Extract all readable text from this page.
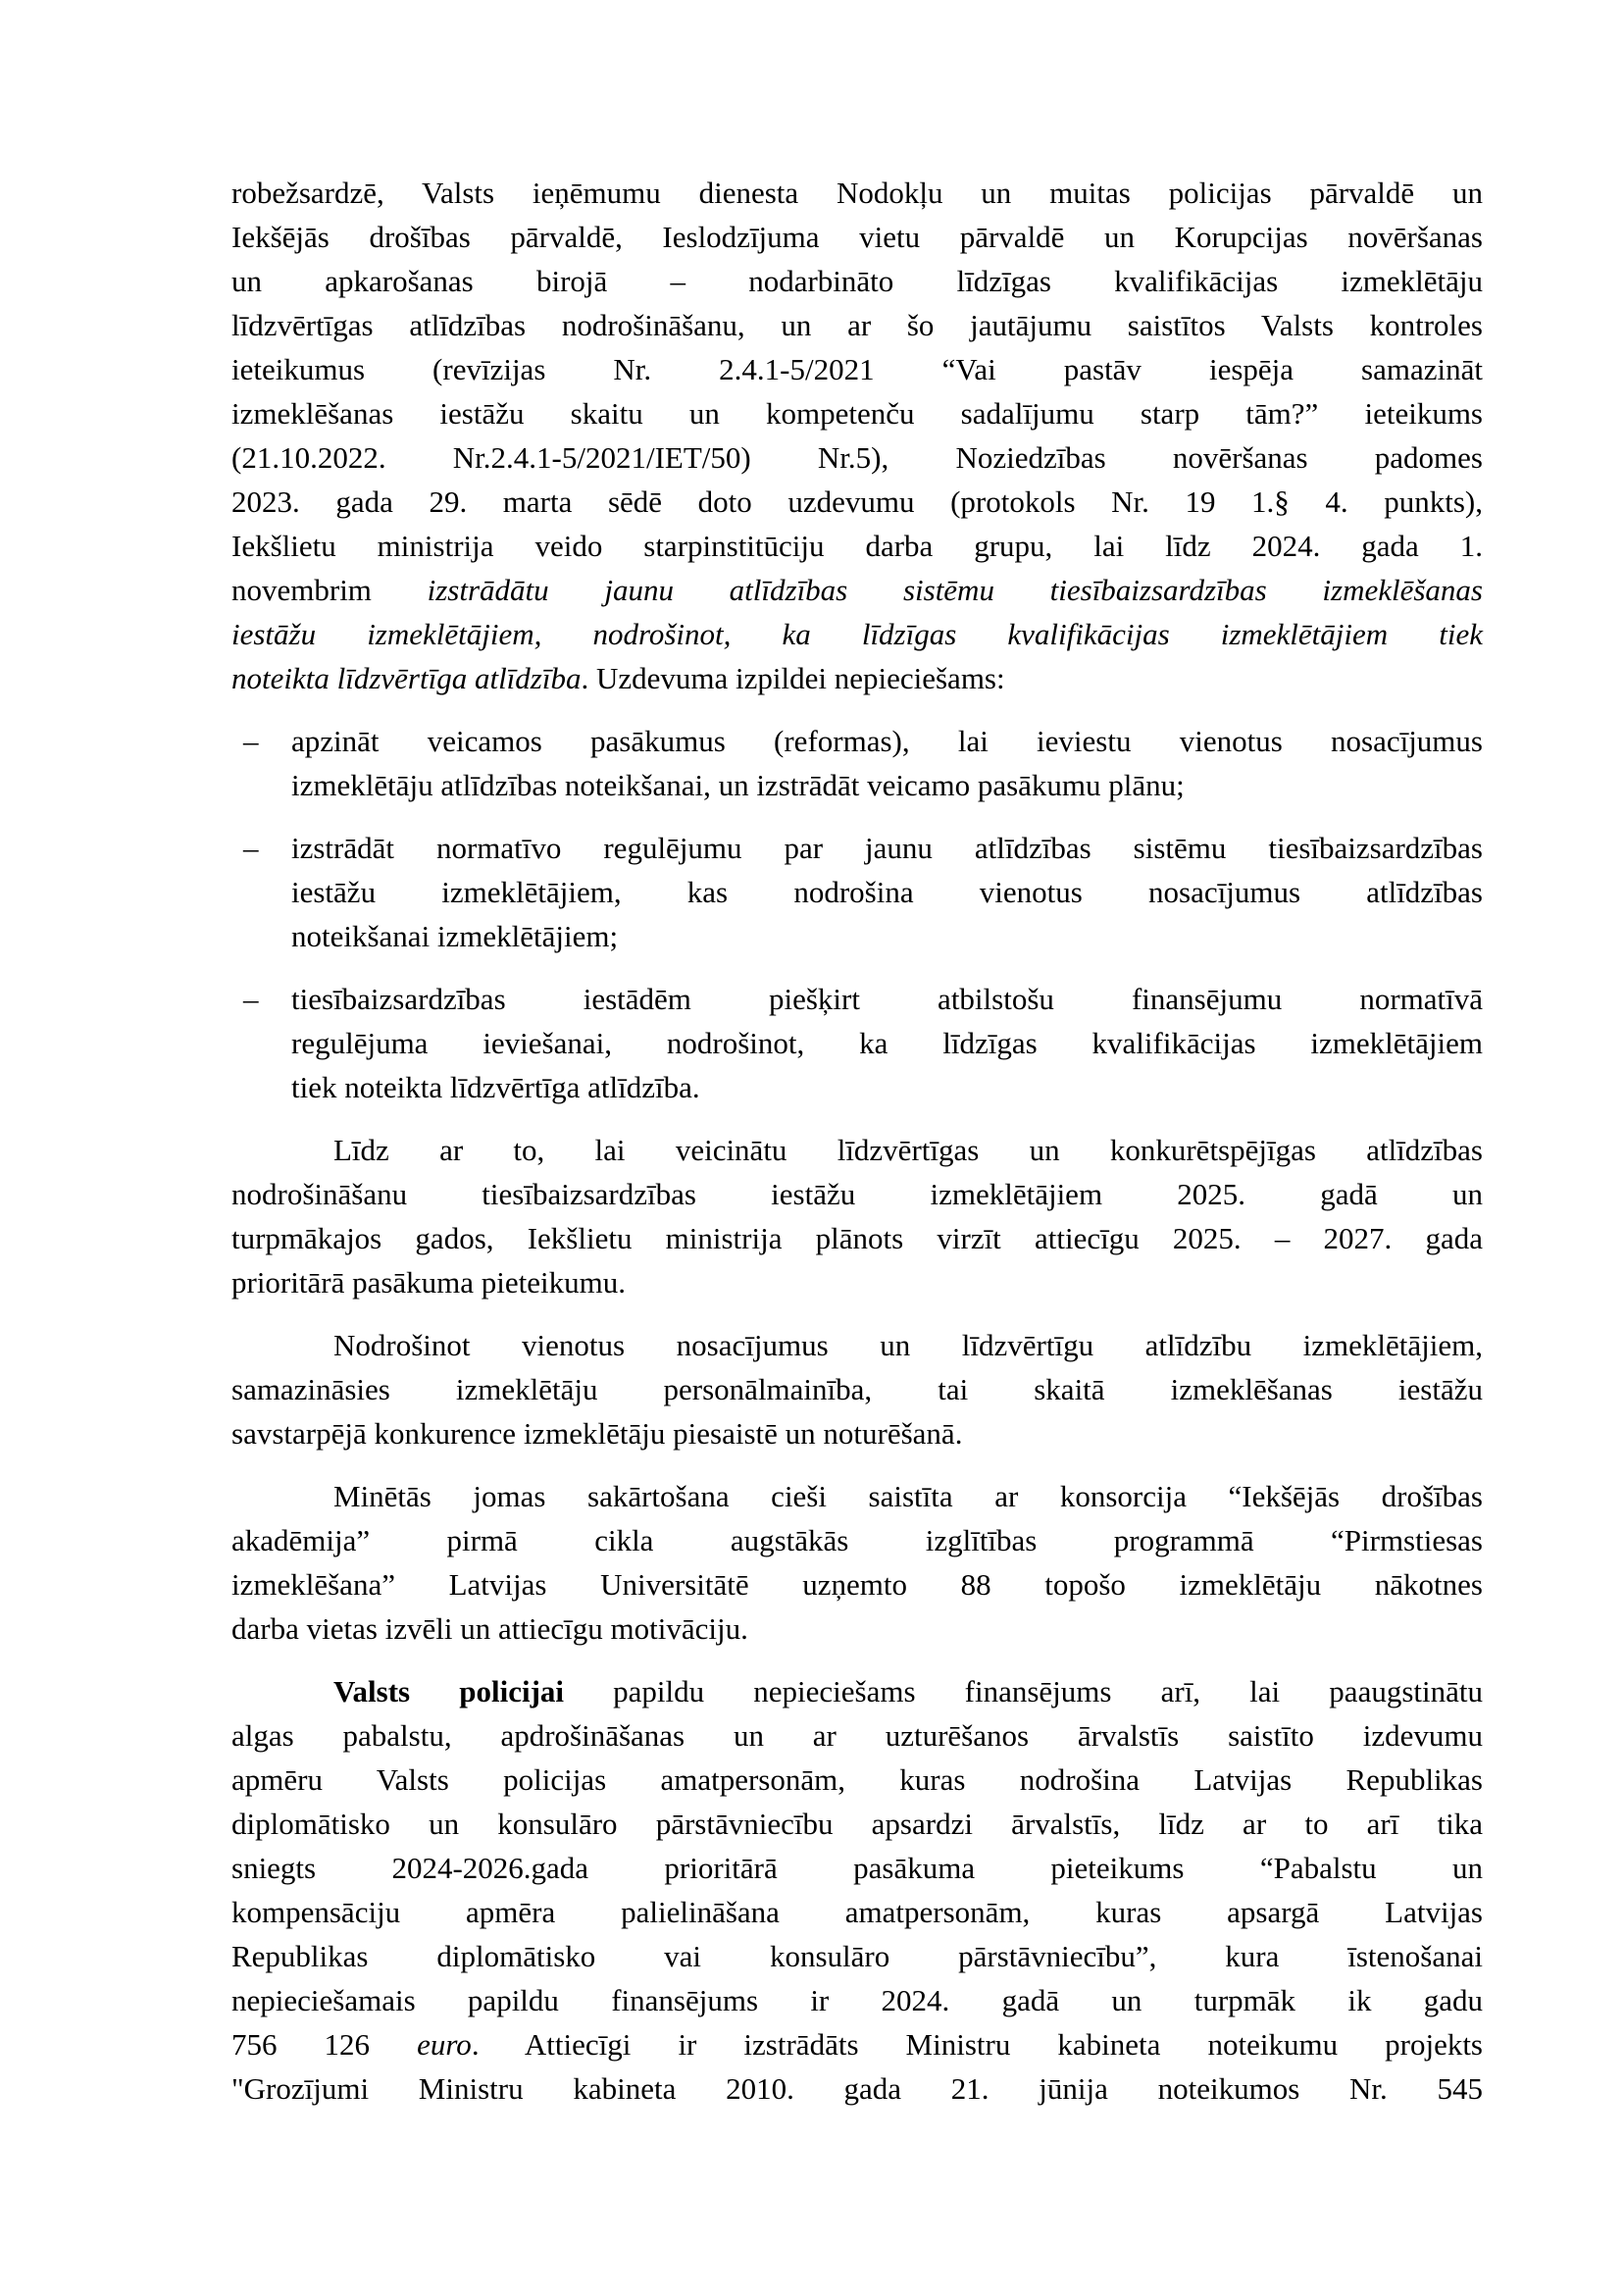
robežsardzē, Valsts ieņēmumu dienesta Nodokļu un muitas policijas pārvaldē un
Iekšējās drošības pārvaldē, Ieslodzījuma vietu pārvaldē un Korupcijas novēršanas
un apkarošanas birojā – nodarbināto līdzīgas kvalifikācijas izmeklētāju
līdzvērtīgas atlīdzības nodrošināšanu, un ar šo jautājumu saistītos Valsts kontroles
ieteikumus (revīzijas Nr. 2.4.1-5/2021 “Vai pastāv iespēja samazināt
izmeklēšanas iestāžu skaitu un kompetenču sadalījumu starp tām?” ieteikums
(21.10.2022. Nr.2.4.1-5/2021/IET/50) Nr.5), Noziedzības novēršanas padomes
2023. gada 29. marta sēdē doto uzdevumu (protokols Nr. 19 1.§ 4. punkts),
Iekšlietu ministrija veido starpinstitūciju darba grupu, lai līdz 2024. gada 1.
novembrim izstrādātu jaunu atlīdzības sistēmu tiesībaizsardzības izmeklēšanas
iestāžu izmeklētājiem, nodrošinot, ka līdzīgas kvalifikācijas izmeklētājiem tiek
noteikta līdzvērtīga atlīdzība. Uzdevuma izpildei nepieciešams:
– apzināt veicamos pasākumus (reformas), lai ieviestu vienotus nosacījumus
izmeklētāju atlīdzības noteikšanai, un izstrādāt veicamo pasākumu plānu;
– izstrādāt normatīvo regulējumu par jaunu atlīdzības sistēmu tiesībaizsardzības
iestāžu izmeklētājiem, kas nodrošina vienotus nosacījumus atlīdzības
noteikšanai izmeklētājiem;
– tiesībaizsardzības iestādēm piešķirt atbilstošu finansējumu normatīvā
regulējuma ieviešanai, nodrošinot, ka līdzīgas kvalifikācijas izmeklētājiem
tiek noteikta līdzvērtīga atlīdzība.
Līdz ar to, lai veicinātu līdzvērtīgas un konkurētspējīgas atlīdzības
nodrošināšanu tiesībaizsardzības iestāžu izmeklētājiem 2025. gadā un
turpmākajos gados, Iekšlietu ministrija plānots virzīt attiecīgu 2025. – 2027. gada
prioritārā pasākuma pieteikumu.
Nodrošinot vienotus nosacījumus un līdzvērtīgu atlīdzību izmeklētājiem,
samazināsies izmeklētāju personālmainība, tai skaitā izmeklēšanas iestāžu
savstarpējā konkurence izmeklētāju piesaistē un noturēšanā.
Minētās jomas sakārtošana cieši saistīta ar konsorcija “Iekšējās drošības
akadēmija” pirmā cikla augstākās izglītības programmā “Pirmstiesas
izmeklēšana” Latvijas Universitātē uzņemto 88 topošo izmeklētāju nākotnes
darba vietas izvēli un attiecīgu motivāciju.
Valsts policijai papildu nepieciešams finansējums arī, lai paaugstinātu
algas pabalstu, apdrošināšanas un ar uzturēšanos ārvalstīs saistīto izdevumu
apmēru Valsts policijas amatpersonām, kuras nodrošina Latvijas Republikas
diplomātisko un konsulāro pārstāvniecību apsardzi ārvalstīs, līdz ar to arī tika
sniegts 2024-2026.gada prioritārā pasākuma pieteikums “Pabalstu un
kompensāciju apmēra palielināšana amatpersonām, kuras apsargā Latvijas
Republikas diplomātisko vai konsulāro pārstāvniecību”, kura īstenošanai
nepieciešamais papildu finansējums ir 2024. gadā un turpmāk ik gadu
756 126 euro. Attiecīgi ir izstrādāts Ministru kabineta noteikumu projekts
"Grozījumi Ministru kabineta 2010. gada 21. jūnija noteikumos Nr. 545
